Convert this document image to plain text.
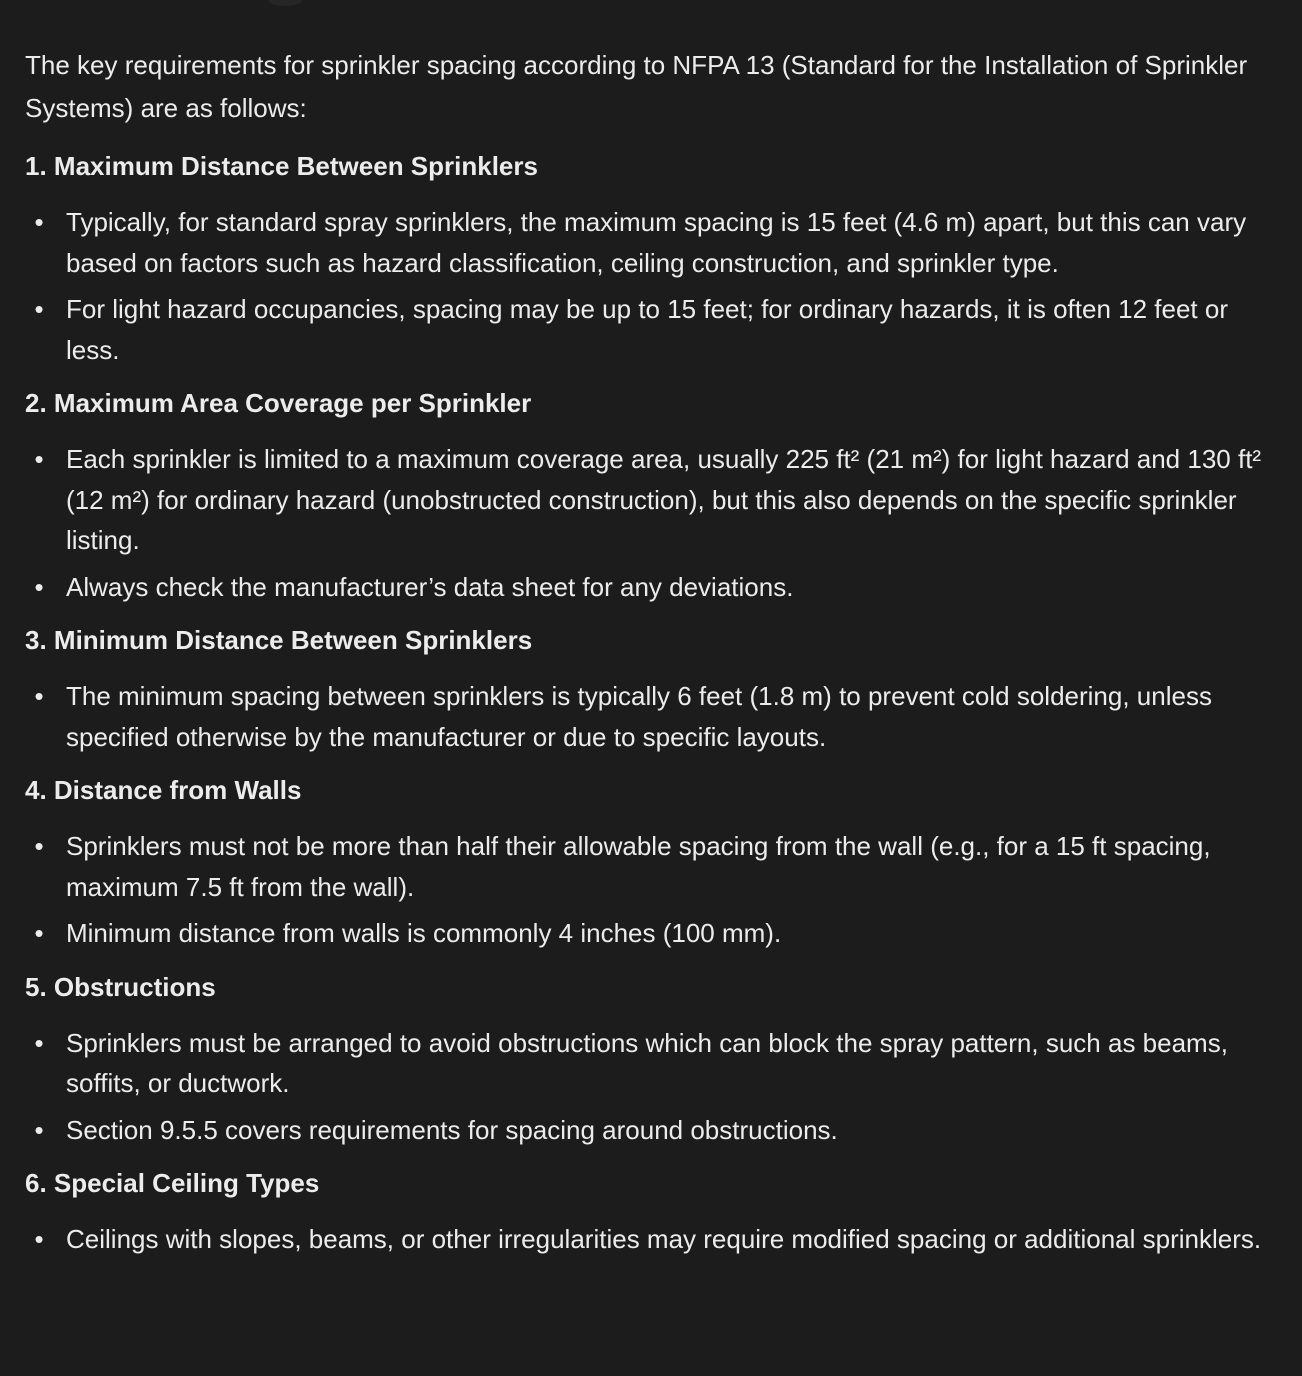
The key requirements for sprinkler spacing according to NFPA 13 (Standard for the Installation of Sprinkler Systems) are as follows:

1. Maximum Distance Between Sprinklers
• Typically, for standard spray sprinklers, the maximum spacing is 15 feet (4.6 m) apart, but this can vary based on factors such as hazard classification, ceiling construction, and sprinkler type.
• For light hazard occupancies, spacing may be up to 15 feet; for ordinary hazards, it is often 12 feet or less.
2. Maximum Area Coverage per Sprinkler
• Each sprinkler is limited to a maximum coverage area, usually 225 ft² (21 m²) for light hazard and 130 ft² (12 m²) for ordinary hazard (unobstructed construction), but this also depends on the specific sprinkler listing.
• Always check the manufacturer’s data sheet for any deviations.
3. Minimum Distance Between Sprinklers
• The minimum spacing between sprinklers is typically 6 feet (1.8 m) to prevent cold soldering, unless specified otherwise by the manufacturer or due to specific layouts.
4. Distance from Walls
• Sprinklers must not be more than half their allowable spacing from the wall (e.g., for a 15 ft spacing, maximum 7.5 ft from the wall).
• Minimum distance from walls is commonly 4 inches (100 mm).
5. Obstructions
• Sprinklers must be arranged to avoid obstructions which can block the spray pattern, such as beams, soffits, or ductwork.
• Section 9.5.5 covers requirements for spacing around obstructions.
6. Special Ceiling Types
• Ceilings with slopes, beams, or other irregularities may require modified spacing or additional sprinklers.
